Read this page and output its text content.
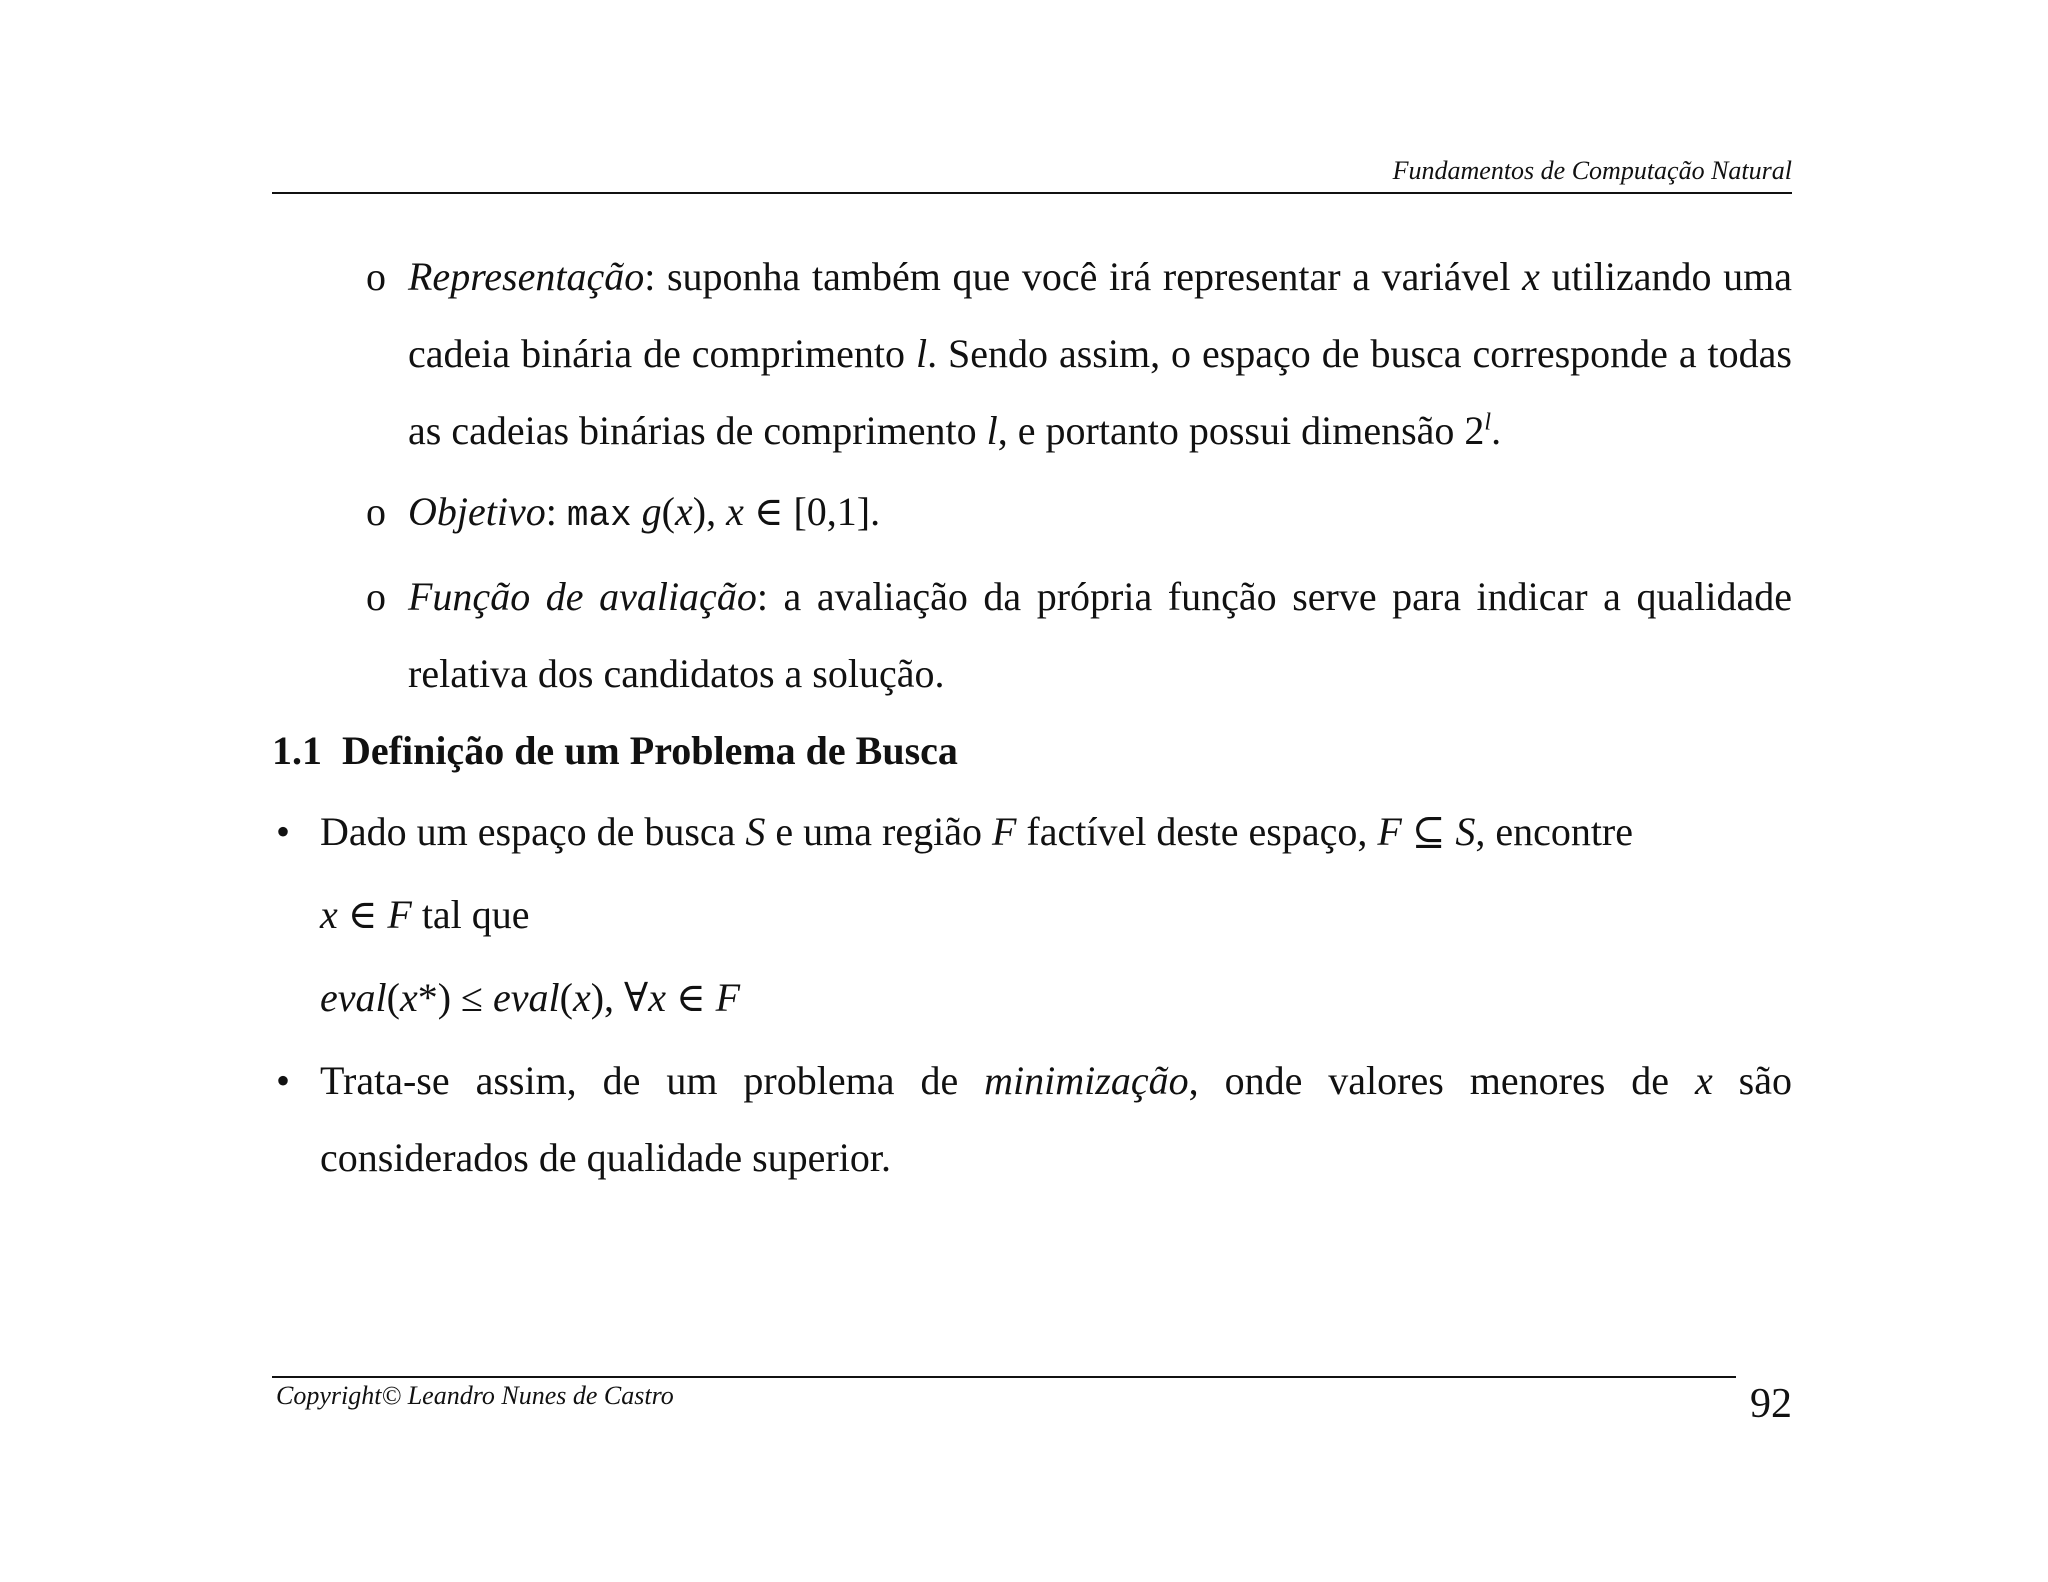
Fundamentos de Computação Natural
o Representação: suponha também que você irá representar a variável x utilizando uma cadeia binária de comprimento l. Sendo assim, o espaço de busca corresponde a todas as cadeias binárias de comprimento l, e portanto possui dimensão 2$^l$.
o Objetivo: max g(x), x ∈ [0,1].
o Função de avaliação: a avaliação da própria função serve para indicar a qualidade relativa dos candidatos a solução.
1.1 Definição de um Problema de Busca
• Dado um espaço de busca S e uma região F factível deste espaço, F ⊆ S, encontre
x ∈ F tal que
eval(x*) ≤ eval(x), ∀x ∈ F
• Trata-se assim, de um problema de minimização, onde valores menores de x são considerados de qualidade superior.
Copyright© Leandro Nunes de Castro	92
